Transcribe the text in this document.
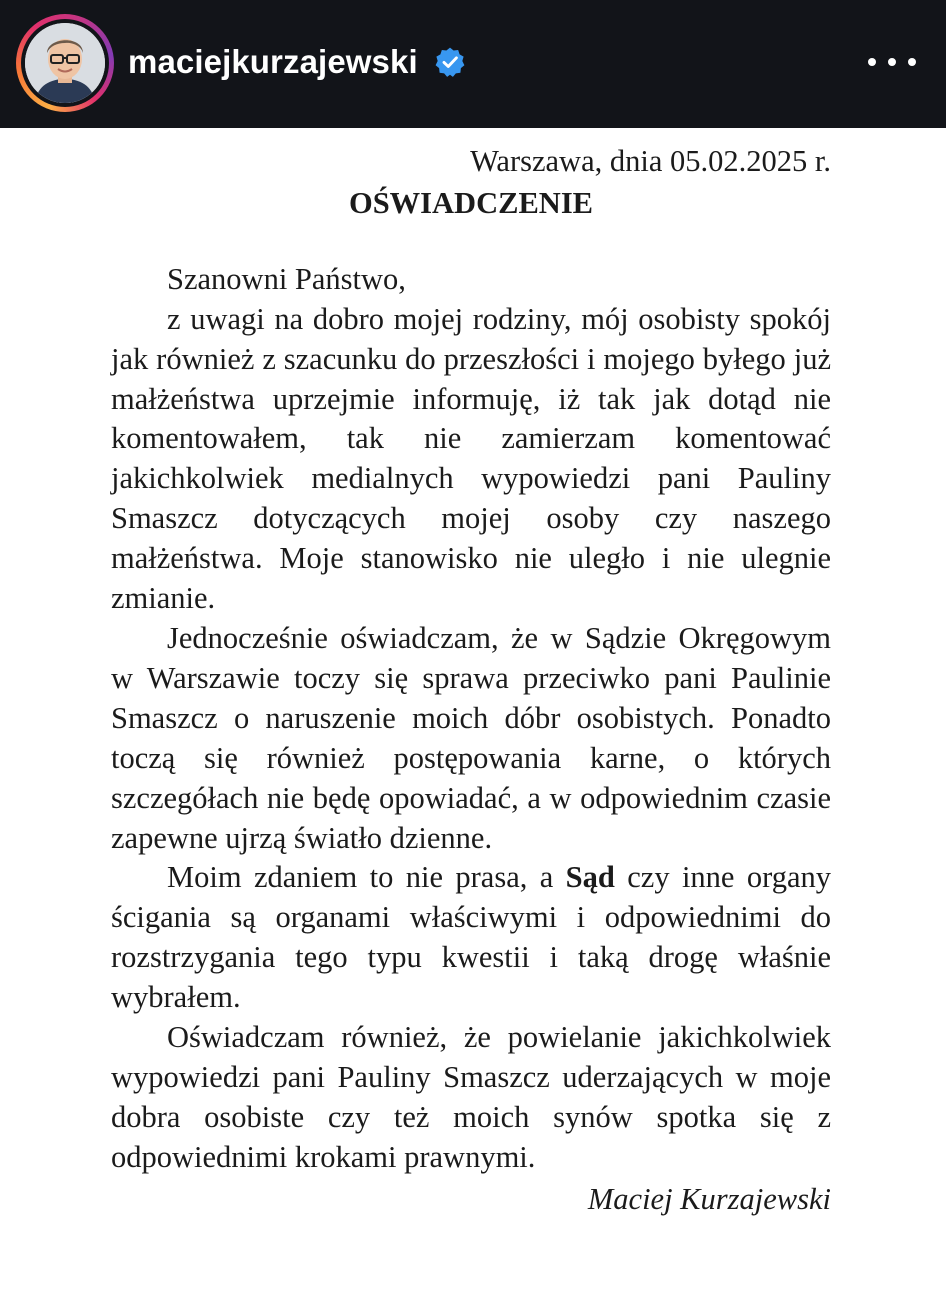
maciejkurzajewski

Warszawa, dnia 05.02.2025 r.

OŚWIADCZENIE

Szanowni Państwo,

z uwagi na dobro mojej rodziny, mój osobisty spokój jak również z szacunku do przeszłości i mojego byłego już małżeństwa uprzejmie informuję, iż tak jak dotąd nie komentowałem, tak nie zamierzam komentować jakichkolwiek medialnych wypowiedzi pani Pauliny Smaszcz dotyczących mojej osoby czy naszego małżeństwa. Moje stanowisko nie uległo i nie ulegnie zmianie.

Jednocześnie oświadczam, że w Sądzie Okręgowym w Warszawie toczy się sprawa przeciwko pani Paulinie Smaszcz o naruszenie moich dóbr osobistych. Ponadto toczą się również postępowania karne, o których szczegółach nie będę opowiadać, a w odpowiednim czasie zapewne ujrzą światło dzienne.

Moim zdaniem to nie prasa, a Sąd czy inne organy ścigania są organami właściwymi i odpowiednimi do rozstrzygania tego typu kwestii i taką drogę właśnie wybrałem.

Oświadczam również, że powielanie jakichkolwiek wypowiedzi pani Pauliny Smaszcz uderzających w moje dobra osobiste czy też moich synów spotka się z odpowiednimi krokami prawnymi.

Maciej Kurzajewski
